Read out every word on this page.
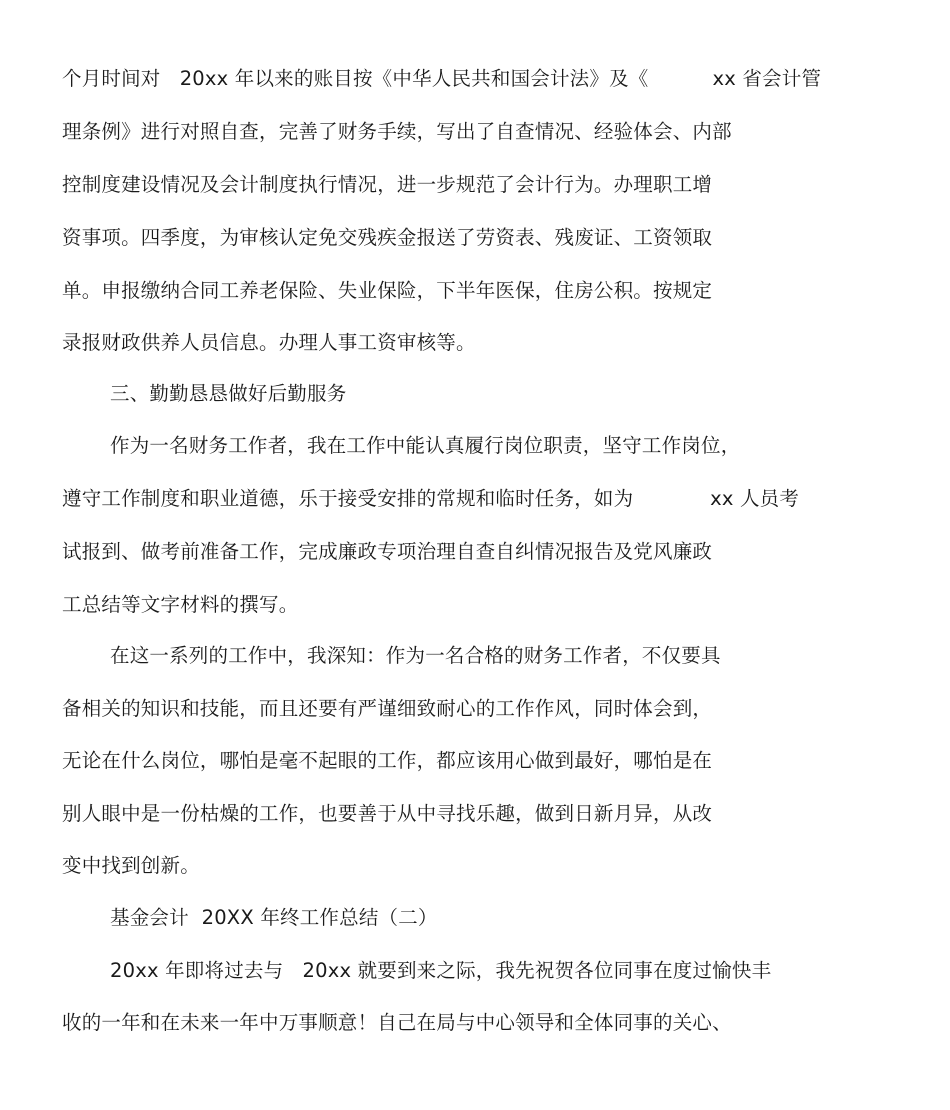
个月时间对   20xx 年以来的账目按《中华人民共和国会计法》及《          xx 省会计管
理条例》进行对照自查，完善了财务手续，写出了自查情况、经验体会、内部
控制度建设情况及会计制度执行情况，进一步规范了会计行为。办理职工增
资事项。四季度，为审核认定免交残疾金报送了劳资表、残废证、工资领取
单。申报缴纳合同工养老保险、失业保险，下半年医保，住房公积。按规定
录报财政供养人员信息。办理人事工资审核等。
三、勤勤恳恳做好后勤服务
作为一名财务工作者，我在工作中能认真履行岗位职责，坚守工作岗位，
遵守工作制度和职业道德，乐于接受安排的常规和临时任务，如为            xx 人员考
试报到、做考前准备工作，完成廉政专项治理自查自纠情况报告及党风廉政
工总结等文字材料的撰写。
在这一系列的工作中，我深知：作为一名合格的财务工作者，不仅要具
备相关的知识和技能，而且还要有严谨细致耐心的工作作风，同时体会到，
无论在什么岗位，哪怕是毫不起眼的工作，都应该用心做到最好，哪怕是在
别人眼中是一份枯燥的工作，也要善于从中寻找乐趣，做到日新月异，从改
变中找到创新。
基金会计  20XX 年终工作总结（二）
20xx 年即将过去与   20xx 就要到来之际，我先祝贺各位同事在度过愉快丰
收的一年和在未来一年中万事顺意！自己在局与中心领导和全体同事的关心、
